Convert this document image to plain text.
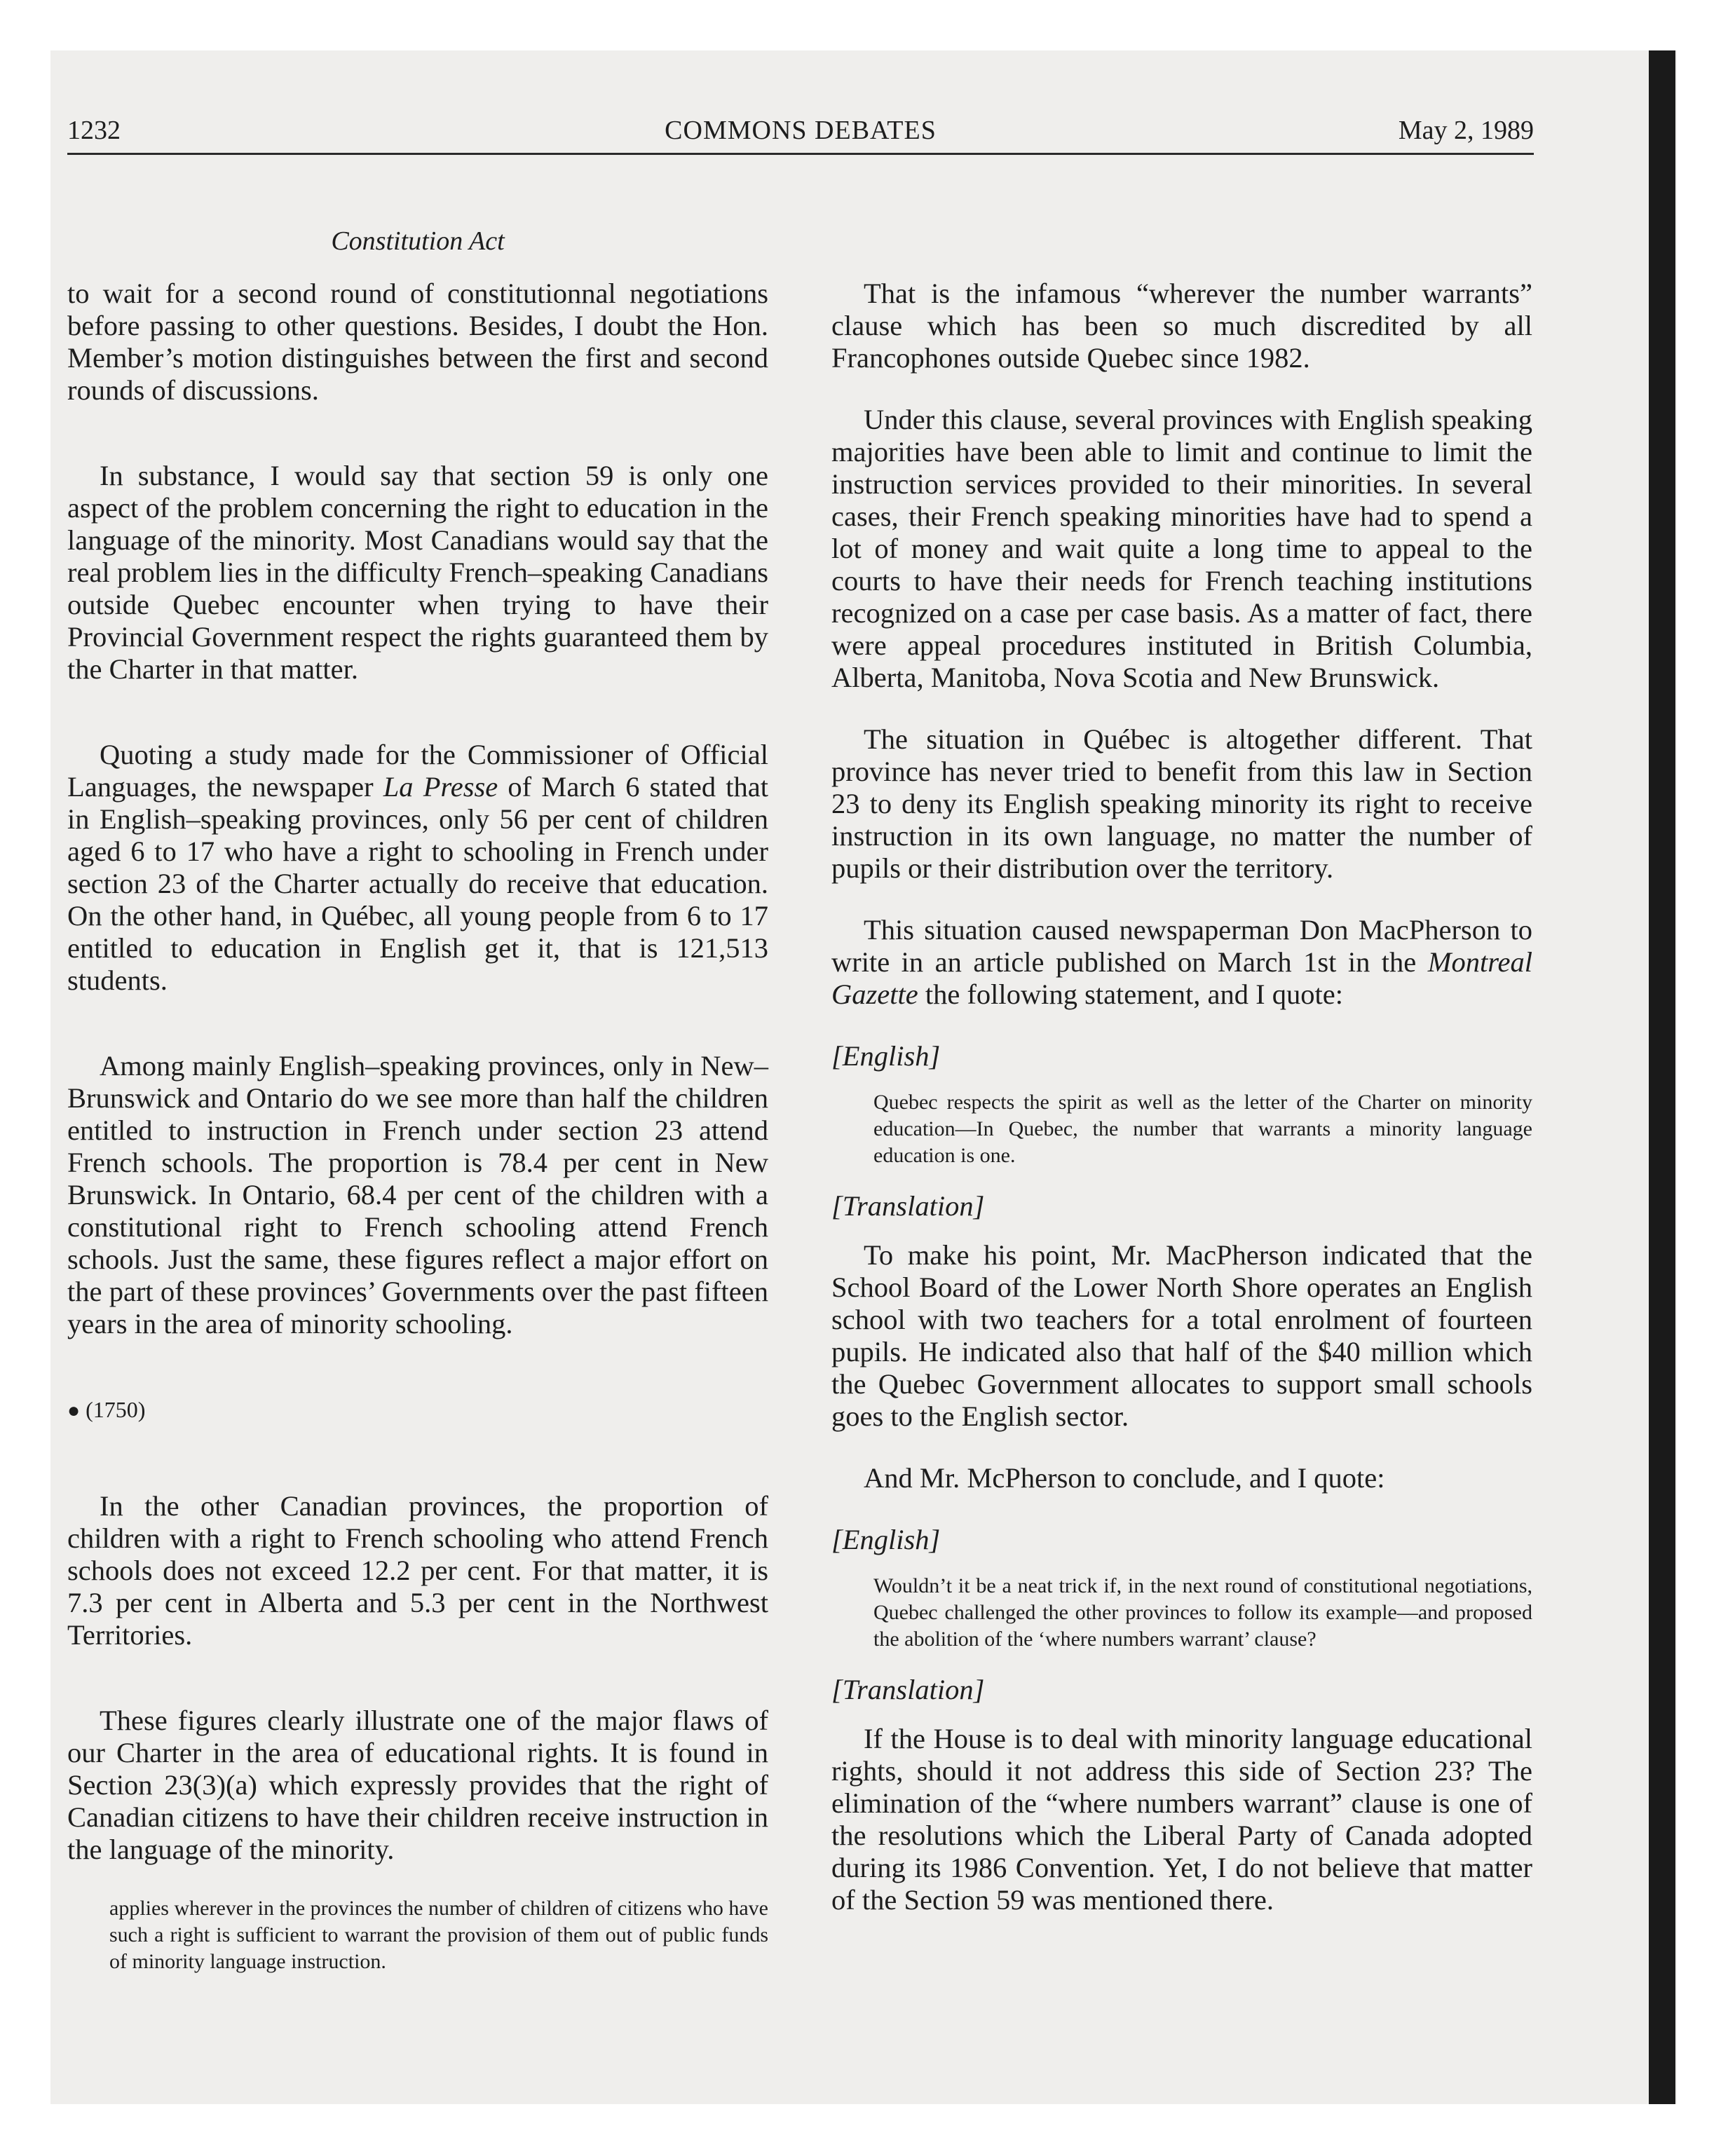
1232	COMMONS DEBATES	May 2, 1989
Constitution Act

to wait for a second round of constitutionnal negotiations before passing to other questions. Besides, I doubt the Hon. Member’s motion distinguishes between the first and second rounds of discussions.

In substance, I would say that section 59 is only one aspect of the problem concerning the right to education in the language of the minority. Most Canadians would say that the real problem lies in the difficulty French–speaking Canadians outside Quebec encounter when trying to have their Provincial Government respect the rights guaranteed them by the Charter in that matter.

Quoting a study made for the Commissioner of Official Languages, the newspaper La Presse of March 6 stated that in English–speaking provinces, only 56 per cent of children aged 6 to 17 who have a right to schooling in French under section 23 of the Charter actually do receive that education. On the other hand, in Québec, all young people from 6 to 17 entitled to education in English get it, that is 121,513 students.

Among mainly English–speaking provinces, only in New–Brunswick and Ontario do we see more than half the children entitled to instruction in French under section 23 attend French schools. The proportion is 78.4 per cent in New Brunswick. In Ontario, 68.4 per cent of the children with a constitutional right to French schooling attend French schools. Just the same, these figures reflect a major effort on the part of these provinces’ Governments over the past fifteen years in the area of minority schooling.

● (1750)

In the other Canadian provinces, the proportion of children with a right to French schooling who attend French schools does not exceed 12.2 per cent. For that matter, it is 7.3 per cent in Alberta and 5.3 per cent in the Northwest Territories.

These figures clearly illustrate one of the major flaws of our Charter in the area of educational rights. It is found in Section 23(3)(a) which expressly provides that the right of Canadian citizens to have their children receive instruction in the language of the minority.

applies wherever in the provinces the number of children of citizens who have such a right is sufficient to warrant the provision of them out of public funds of minority language instruction.

That is the infamous “wherever the number warrants” clause which has been so much discredited by all Francophones outside Quebec since 1982.

Under this clause, several provinces with English speaking majorities have been able to limit and continue to limit the instruction services provided to their minorities. In several cases, their French speaking minorities have had to spend a lot of money and wait quite a long time to appeal to the courts to have their needs for French teaching institutions recognized on a case per case basis. As a matter of fact, there were appeal procedures instituted in British Columbia, Alberta, Manitoba, Nova Scotia and New Brunswick.

The situation in Québec is altogether different. That province has never tried to benefit from this law in Section 23 to deny its English speaking minority its right to receive instruction in its own language, no matter the number of pupils or their distribution over the territory.

This situation caused newspaperman Don MacPherson to write in an article published on March 1st in the Montreal Gazette the following statement, and I quote:

[English]
Quebec respects the spirit as well as the letter of the Charter on minority education—In Quebec, the number that warrants a minority language education is one.
[Translation]

To make his point, Mr. MacPherson indicated that the School Board of the Lower North Shore operates an English school with two teachers for a total enrolment of fourteen pupils. He indicated also that half of the $40 million which the Quebec Government allocates to support small schools goes to the English sector.

And Mr. McPherson to conclude, and I quote:

[English]
Wouldn’t it be a neat trick if, in the next round of constitutional negotiations, Quebec challenged the other provinces to follow its example—and proposed the abolition of the ‘where numbers warrant’ clause?
[Translation]

If the House is to deal with minority language educational rights, should it not address this side of Section 23? The elimination of the “where numbers warrant” clause is one of the resolutions which the Liberal Party of Canada adopted during its 1986 Convention. Yet, I do not believe that matter of the Section 59 was mentioned there.
